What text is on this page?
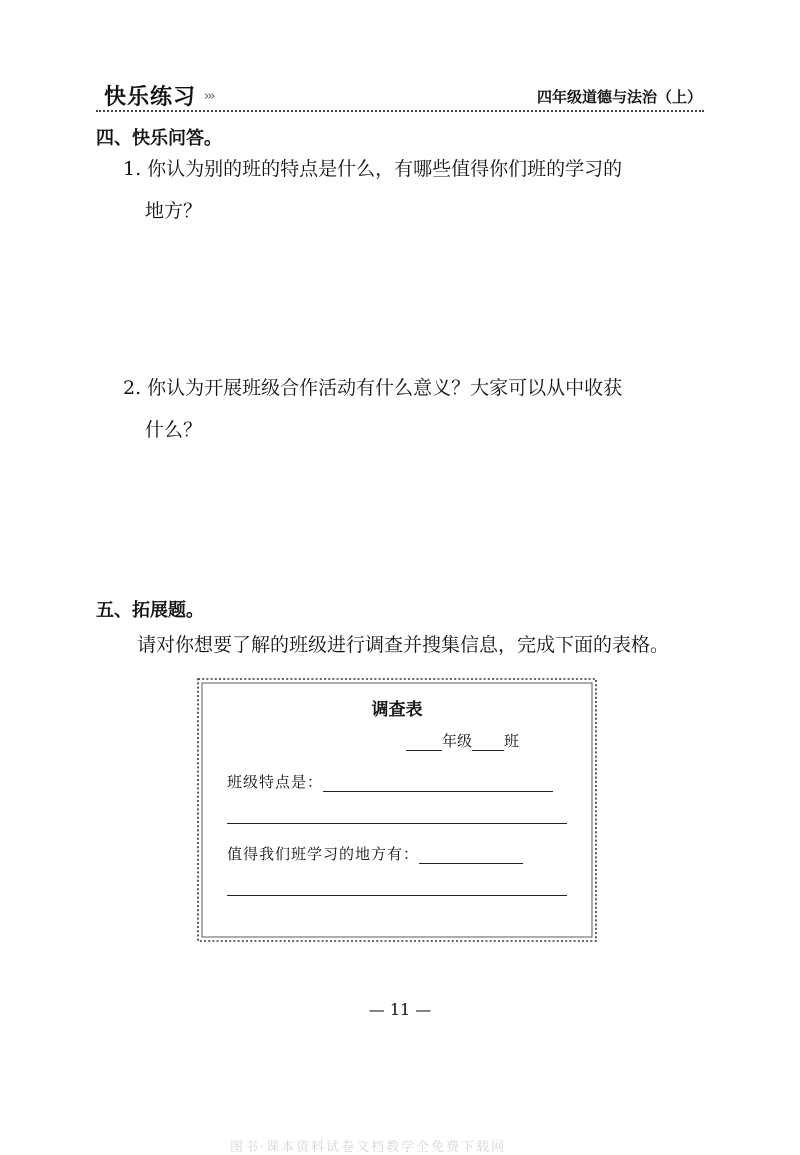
快乐练习 ›››	四年级道德与法治（上）
四、快乐问答。
1. 你认为别的班的特点是什么，有哪些值得你们班的学习的
地方？
2. 你认为开展班级合作活动有什么意义？大家可以从中收获
什么？
五、拓展题。
请对你想要了解的班级进行调查并搜集信息，完成下面的表格。
调查表
年级 班
班级特点是：
值得我们班学习的地方有：
— 11 —
图书·课本资料试卷文档教学全免费下载网
